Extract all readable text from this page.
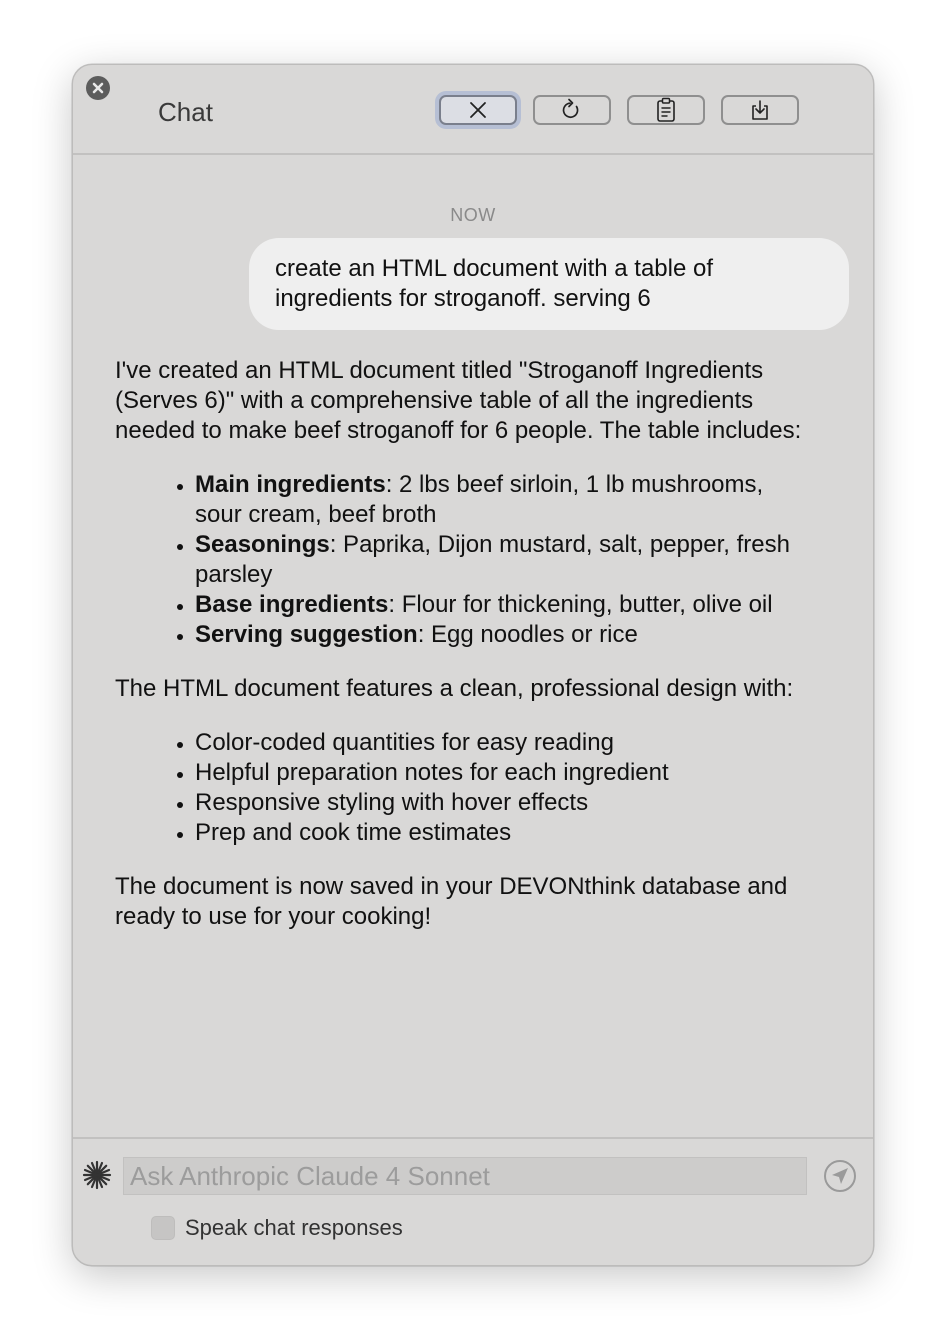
Chat
NOW
create an HTML document with a table of ingredients for stroganoff. serving 6

I've created an HTML document titled "Stroganoff Ingredients (Serves 6)" with a comprehensive table of all the ingredients needed to make beef stroganoff for 6 people. The table includes:

• Main ingredients: 2 lbs beef sirloin, 1 lb mushrooms, sour cream, beef broth
• Seasonings: Paprika, Dijon mustard, salt, pepper, fresh parsley
• Base ingredients: Flour for thickening, butter, olive oil
• Serving suggestion: Egg noodles or rice

The HTML document features a clean, professional design with:

• Color-coded quantities for easy reading
• Helpful preparation notes for each ingredient
• Responsive styling with hover effects
• Prep and cook time estimates

The document is now saved in your DEVONthink database and ready to use for your cooking!

Ask Anthropic Claude 4 Sonnet
Speak chat responses
